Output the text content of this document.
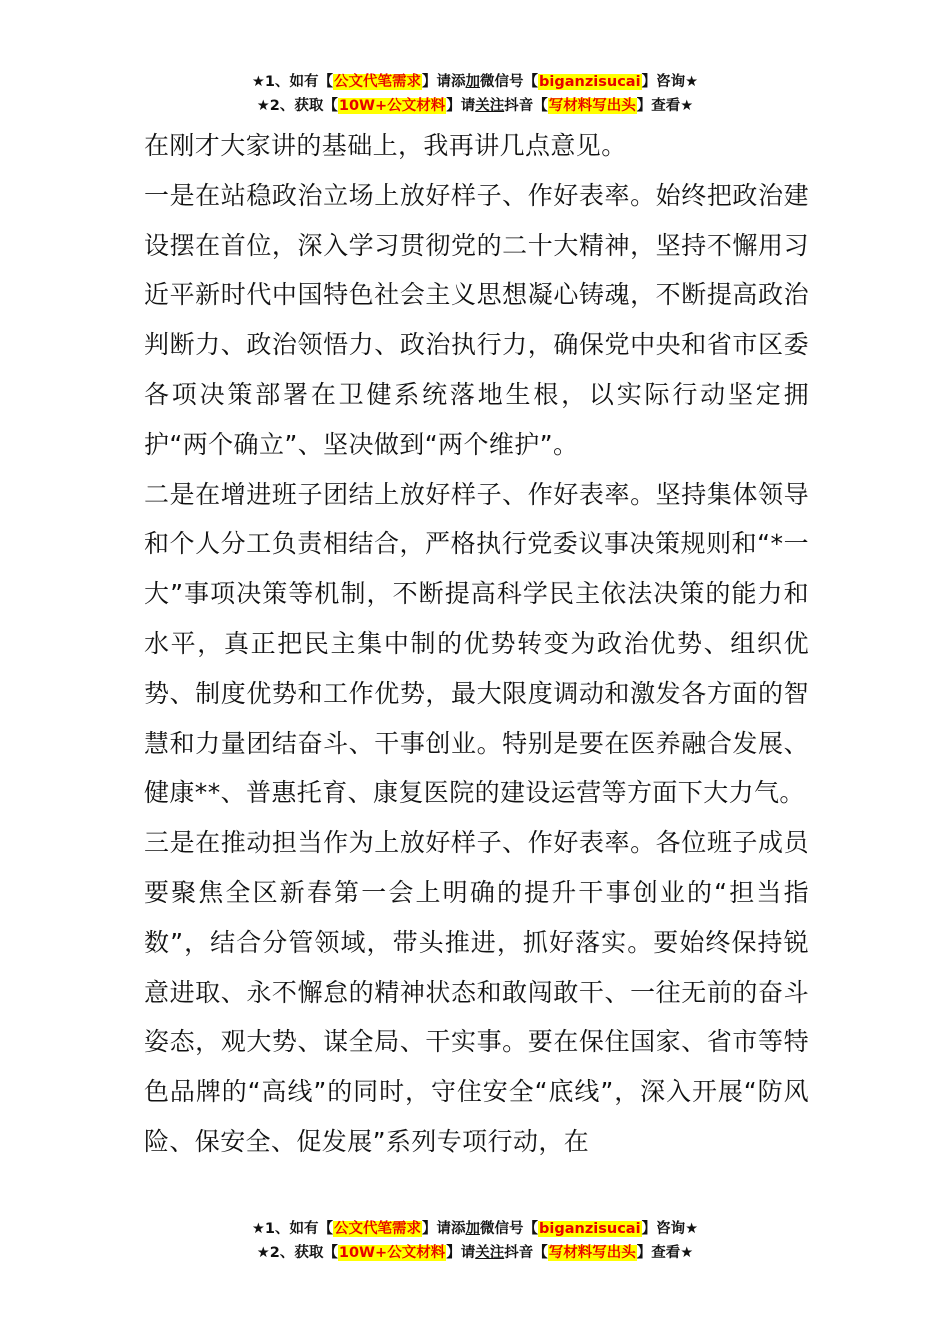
★1、如有【公文代笔需求】请添加微信号【biganzisucai】咨询★
★2、获取【10W+公文材料】请关注抖音【写材料写出头】查看★

在刚才大家讲的基础上，我再讲几点意见。

一是在站稳政治立场上放好样子、作好表率。始终把政治建设摆在首位，深入学习贯彻党的二十大精神，坚持不懈用习近平新时代中国特色社会主义思想凝心铸魂，不断提高政治判断力、政治领悟力、政治执行力，确保党中央和省市区委各项决策部署在卫健系统落地生根，以实际行动坚定拥护“两个确立”、坚决做到“两个维护”。

二是在增进班子团结上放好样子、作好表率。坚持集体领导和个人分工负责相结合，严格执行党委议事决策规则和“*一大”事项决策等机制，不断提高科学民主依法决策的能力和水平，真正把民主集中制的优势转变为政治优势、组织优势、制度优势和工作优势，最大限度调动和激发各方面的智慧和力量团结奋斗、干事创业。特别是要在医养融合发展、健康**、普惠托育、康复医院的建设运营等方面下大力气。

三是在推动担当作为上放好样子、作好表率。各位班子成员要聚焦全区新春第一会上明确的提升干事创业的“担当指数”，结合分管领域，带头推进，抓好落实。要始终保持锐意进取、永不懈怠的精神状态和敢闯敢干、一往无前的奋斗姿态，观大势、谋全局、干实事。要在保住国家、省市等特色品牌的“高线”的同时，守住安全“底线”，深入开展“防风险、保安全、促发展”系列专项行动，在

★1、如有【公文代笔需求】请添加微信号【biganzisucai】咨询★
★2、获取【10W+公文材料】请关注抖音【写材料写出头】查看★
